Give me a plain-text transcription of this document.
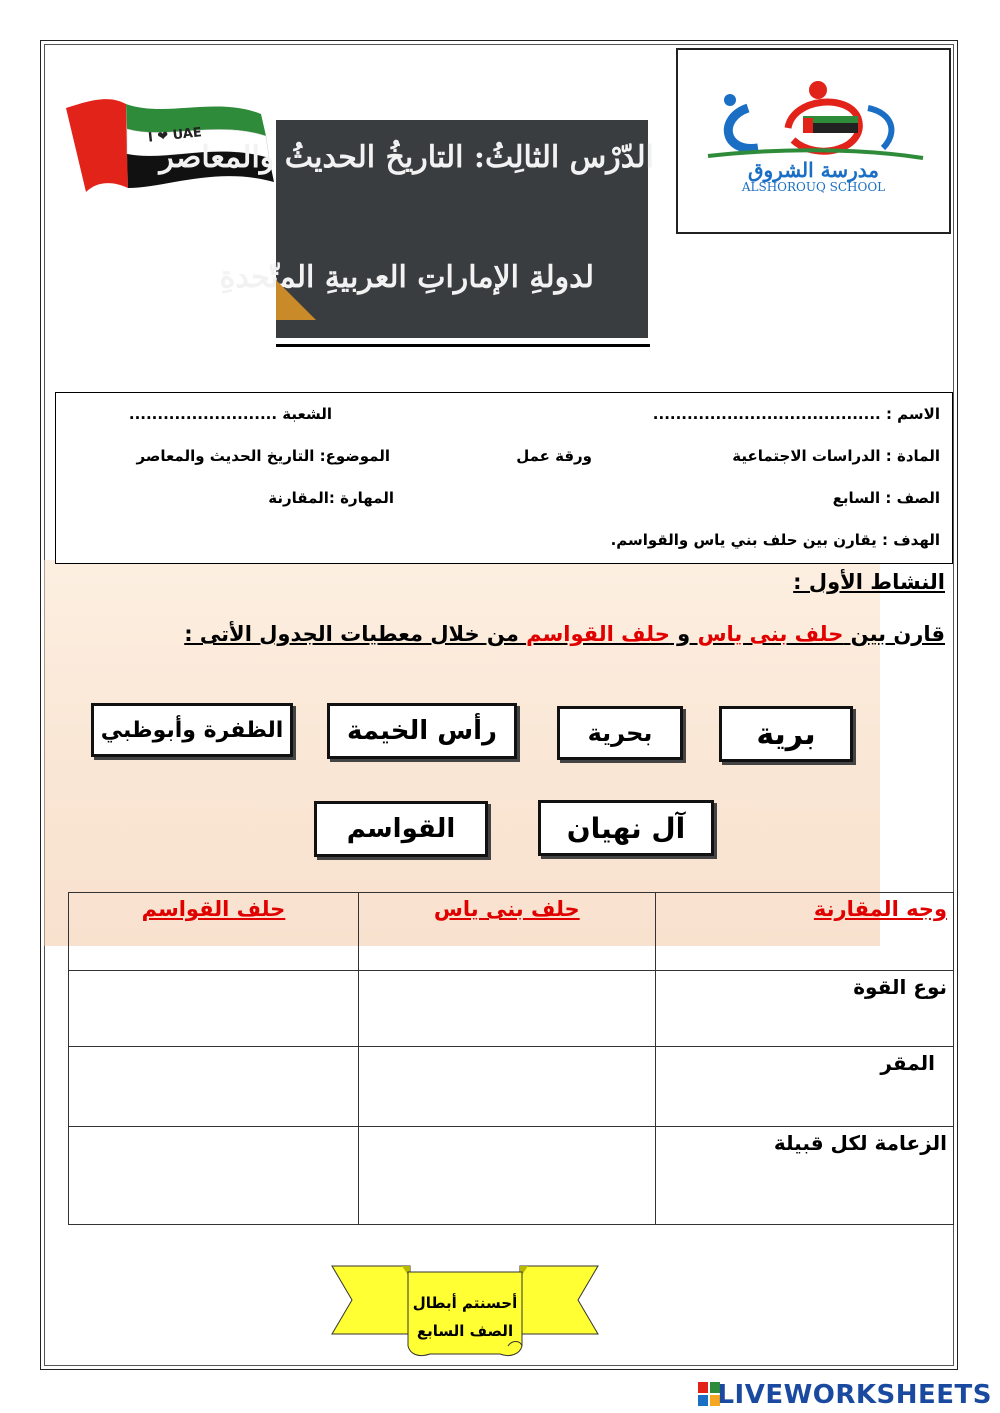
I ❤ UAE
الدّرْس الثالِثُ: التاريخُ الحديثُ والمعاصر
لدولةِ الإماراتِ العربيةِ المتّحدةِ
مدرسة الشروق
ALSHOROUQ SCHOOL
الاسم : ........................................
الشعبة ..........................
المادة : الدراسات الاجتماعية
ورقة عمل
الموضوع: التاريخ الحديث والمعاصر
الصف : السابع
المهارة :المقارنة
الهدف : يقارن بين حلف بني ياس والقواسم.
النشاط الأول :
قارن بين حلف بنى ياس و حلف القواسم من خلال معطيات الجدول الأتى :
برية
بحرية
رأس الخيمة
الظفرة وأبوظبي
آل نهيان
القواسم
وجه المقارنة	حلف بنى ياس	حلف القواسم
نوع القوة		
المقر		
الزعامة لكل قبيلة		
أحسنتم أبطال
الصف السابع
LIVEWORKSHEETS
